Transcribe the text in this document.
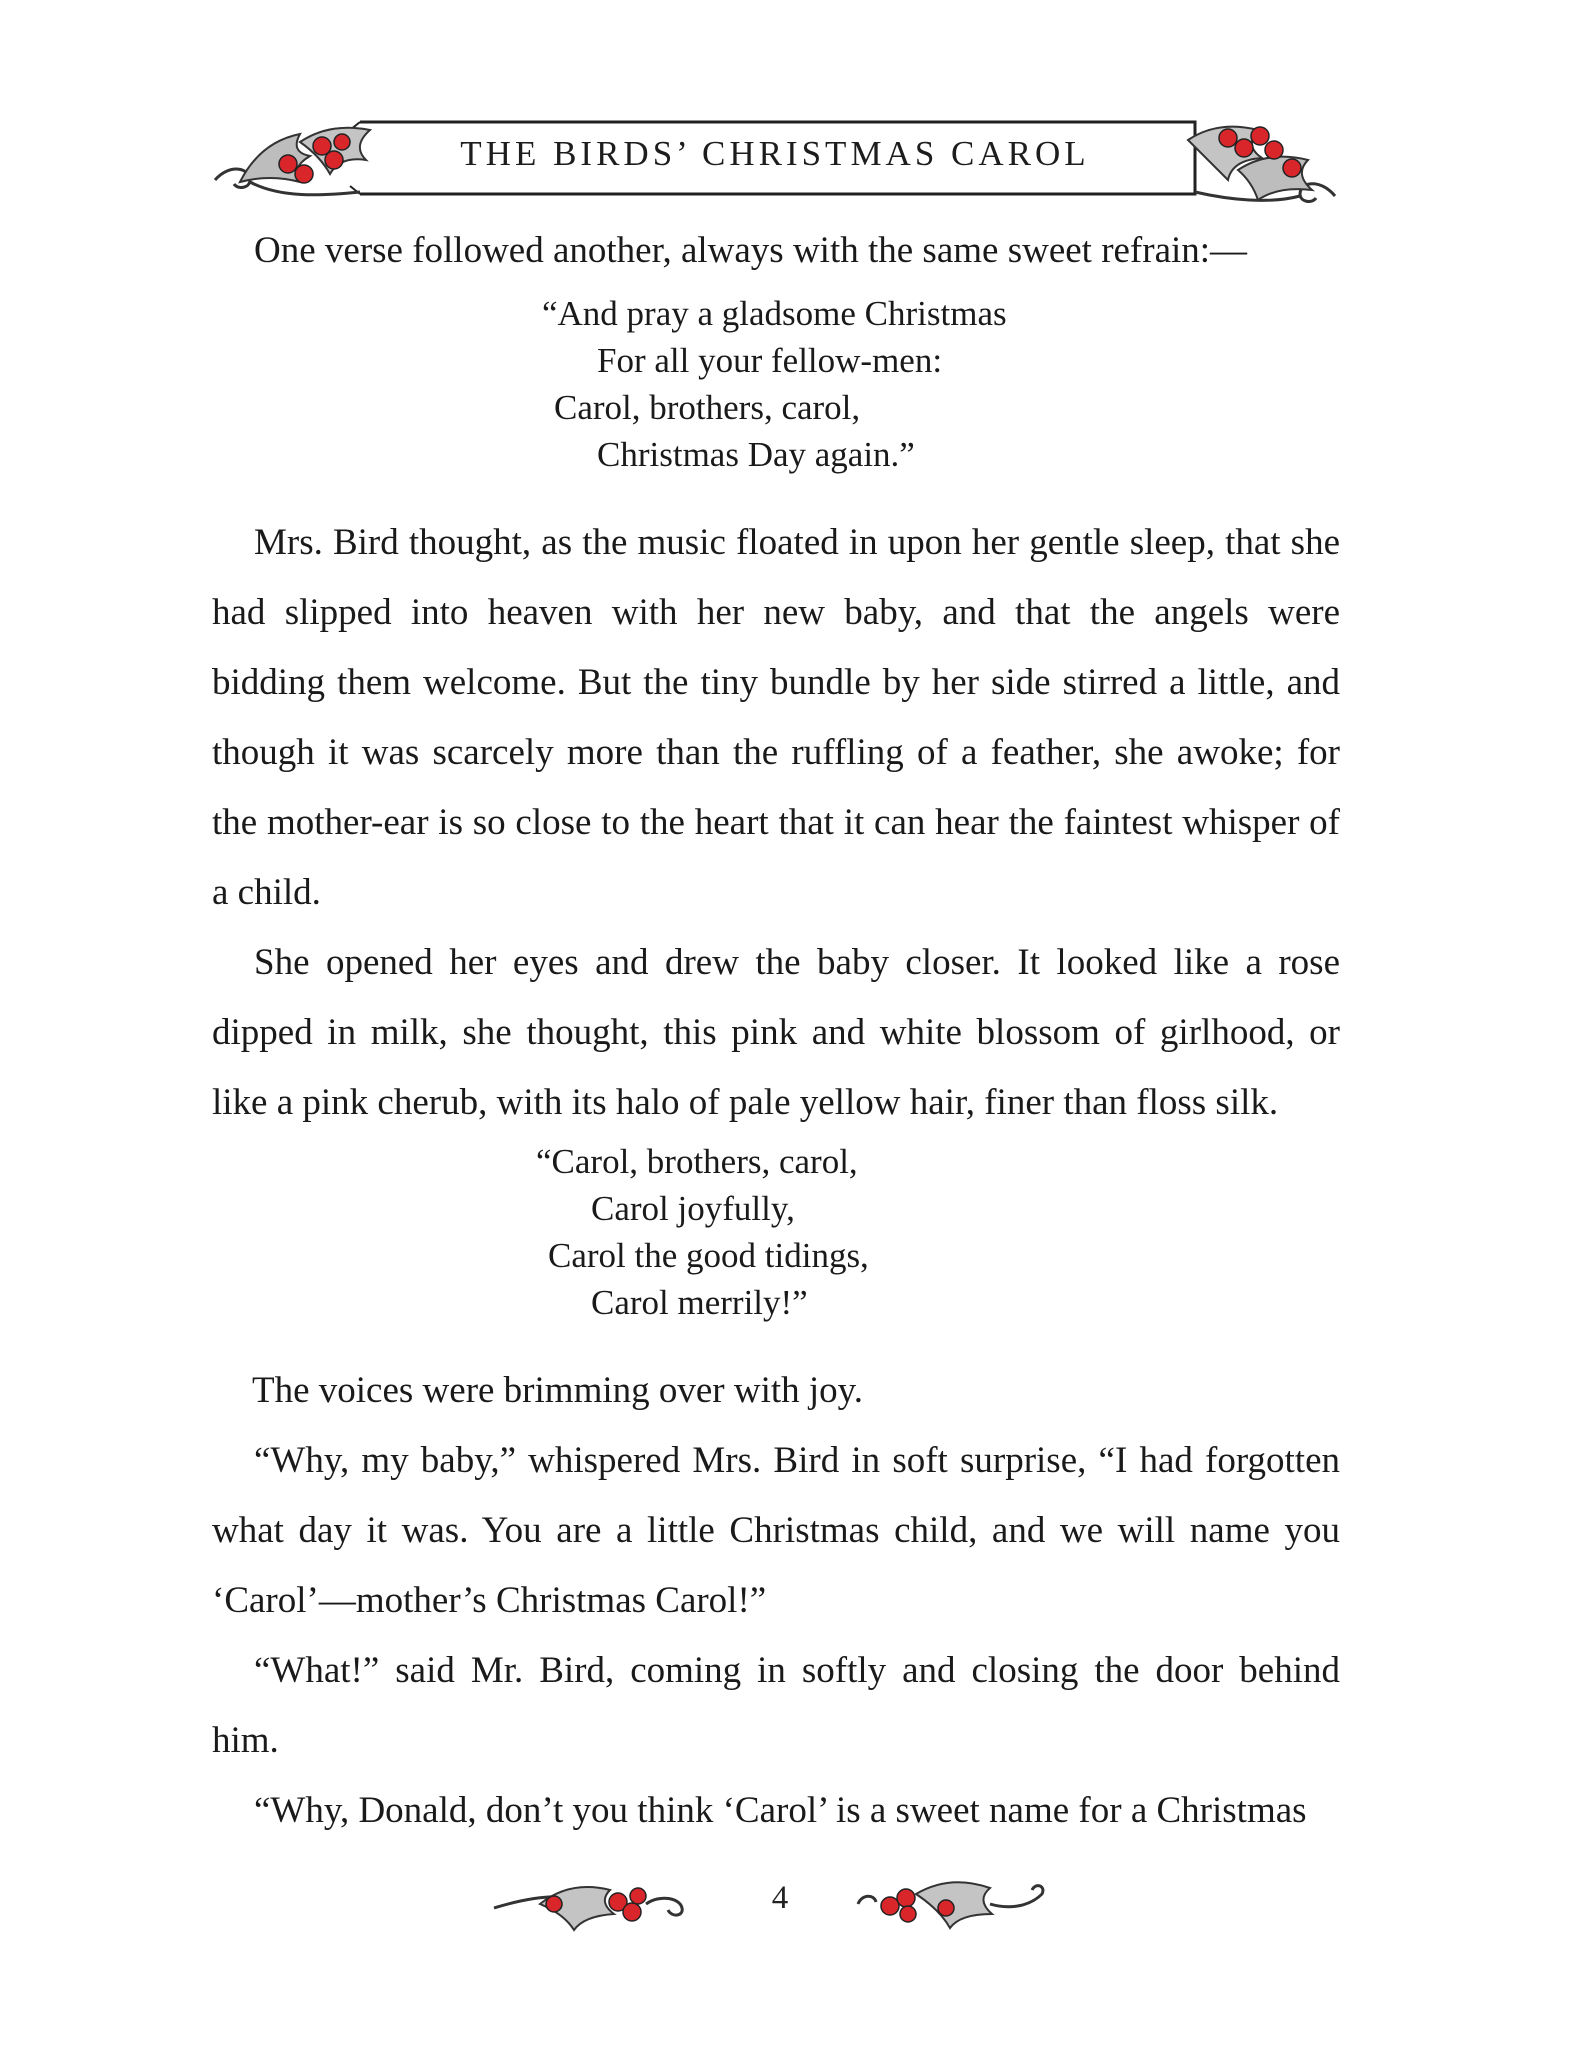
THE BIRDS’ CHRISTMAS CAROL

One verse followed another, always with the same sweet refrain:—

“And pray a gladsome Christmas
For all your fellow-men:
Carol, brothers, carol,
Christmas Day again.”

Mrs. Bird thought, as the music floated in upon her gentle sleep, that she had slipped into heaven with her new baby, and that the angels were bidding them welcome. But the tiny bundle by her side stirred a little, and though it was scarcely more than the ruffling of a feather, she awoke; for the mother-ear is so close to the heart that it can hear the faintest whisper of a child.

She opened her eyes and drew the baby closer. It looked like a rose dipped in milk, she thought, this pink and white blossom of girlhood, or like a pink cherub, with its halo of pale yellow hair, finer than floss silk.

“Carol, brothers, carol,
Carol joyfully,
Carol the good tidings,
Carol merrily!”

The voices were brimming over with joy.

“Why, my baby,” whispered Mrs. Bird in soft surprise, “I had forgotten what day it was. You are a little Christmas child, and we will name you ‘Carol’—mother’s Christmas Carol!”

“What!” said Mr. Bird, coming in softly and closing the door behind him.

“Why, Donald, don’t you think ‘Carol’ is a sweet name for a Christmas

4
